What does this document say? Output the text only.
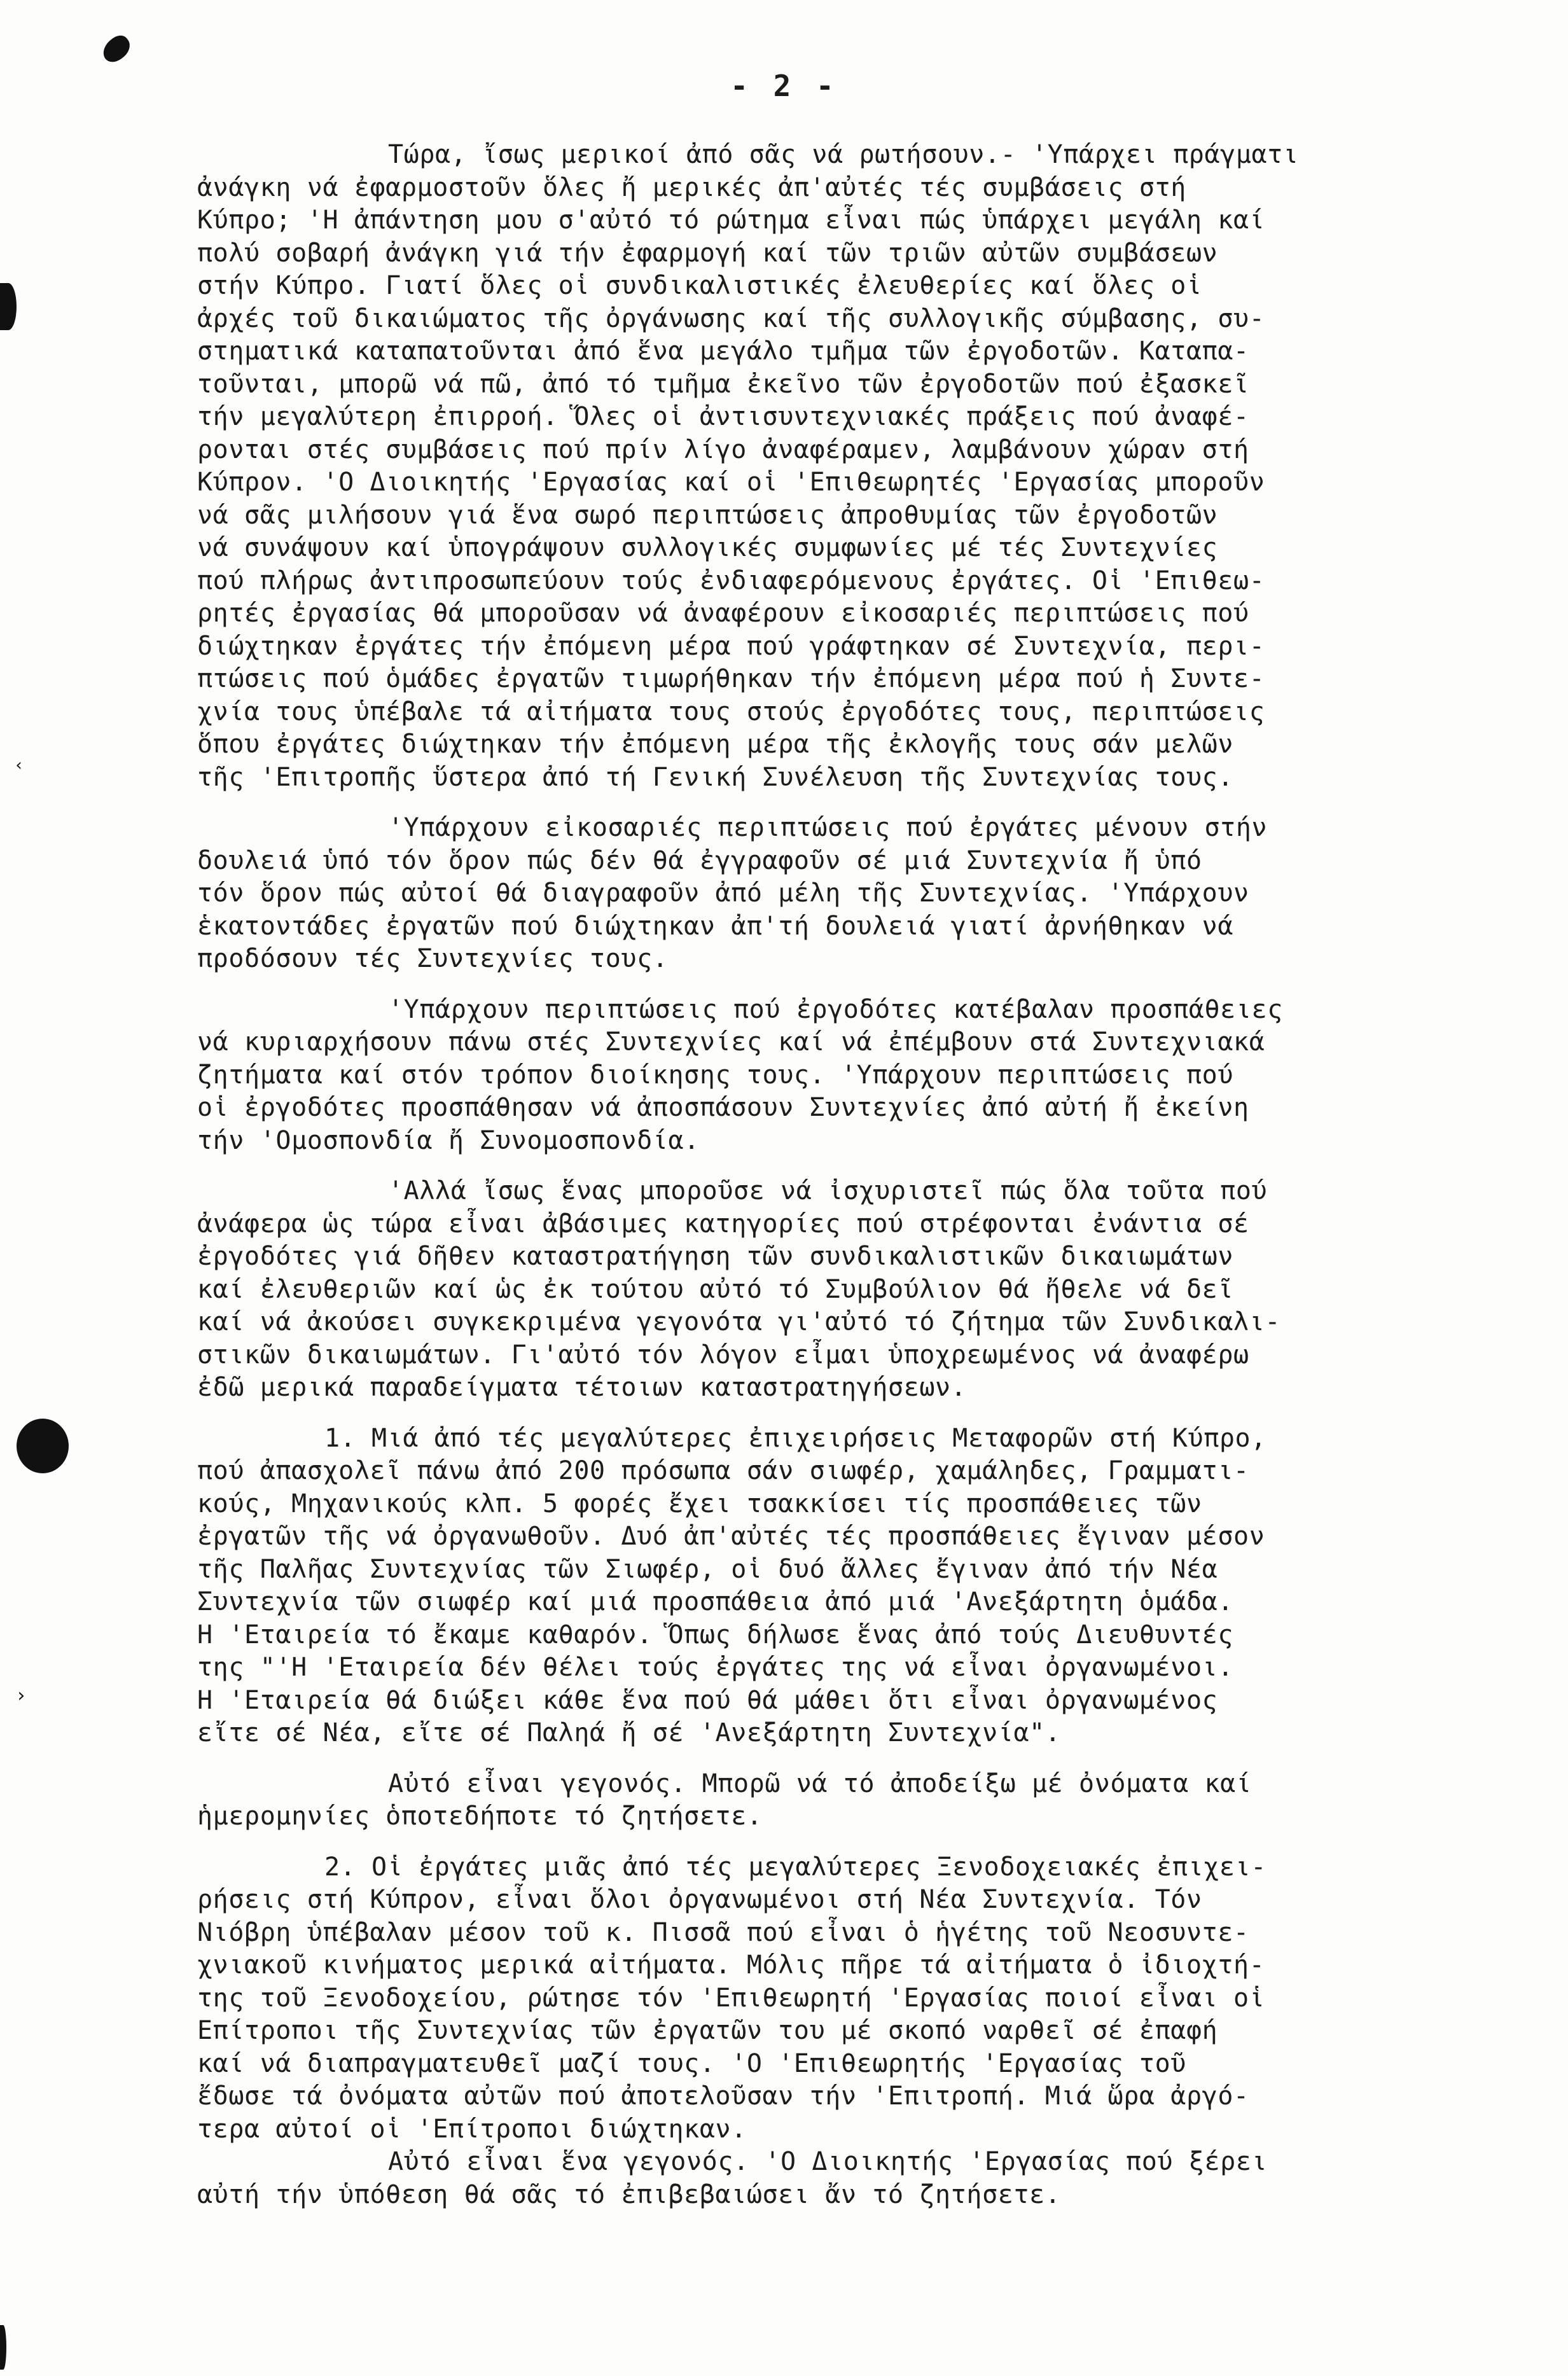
‹
›
- 2 -
Τώρα, ἴσως μερικοί ἀπό σᾶς νά ρωτήσουν.- 'Υπάρχει πράγματι
ἀνάγκη νά ἐφαρμοστοῦν ὅλες ἤ μερικές ἀπ'αὐτές τές συμβάσεις στή
Κύπρο; 'Η ἀπάντηση μου σ'αὐτό τό ρώτημα εἶναι πώς ὑπάρχει μεγάλη καί
πολύ σοβαρή ἀνάγκη γιά τήν ἐφαρμογή καί τῶν τριῶν αὐτῶν συμβάσεων
στήν Κύπρο. Γιατί ὅλες οἱ συνδικαλιστικές ἐλευθερίες καί ὅλες οἱ
ἀρχές τοῦ δικαιώματος τῆς ὀργάνωσης καί τῆς συλλογικῆς σύμβασης, συ-
στηματικά καταπατοῦνται ἀπό ἕνα μεγάλο τμῆμα τῶν ἐργοδοτῶν. Καταπα-
τοῦνται, μπορῶ νά πῶ, ἀπό τό τμῆμα ἐκεῖνο τῶν ἐργοδοτῶν πού ἐξασκεῖ
τήν μεγαλύτερη ἐπιρροή. Ὅλες οἱ ἀντισυντεχνιακές πράξεις πού ἀναφέ-
ρονται στές συμβάσεις πού πρίν λίγο ἀναφέραμεν, λαμβάνουν χώραν στή
Κύπρον. 'Ο Διοικητής 'Εργασίας καί οἱ 'Επιθεωρητές 'Εργασίας μποροῦν
νά σᾶς μιλήσουν γιά ἕνα σωρό περιπτώσεις ἀπροθυμίας τῶν ἐργοδοτῶν
νά συνάψουν καί ὑπογράψουν συλλογικές συμφωνίες μέ τές Συντεχνίες
πού πλήρως ἀντιπροσωπεύουν τούς ἐνδιαφερόμενους ἐργάτες. Οἱ 'Επιθεω-
ρητές ἐργασίας θά μποροῦσαν νά ἀναφέρουν εἰκοσαριές περιπτώσεις πού
διώχτηκαν ἐργάτες τήν ἐπόμενη μέρα πού γράφτηκαν σέ Συντεχνία, περι-
πτώσεις πού ὁμάδες ἐργατῶν τιμωρήθηκαν τήν ἐπόμενη μέρα πού ἡ Συντε-
χνία τους ὑπέβαλε τά αἰτήματα τους στούς ἐργοδότες τους, περιπτώσεις
ὅπου ἐργάτες διώχτηκαν τήν ἐπόμενη μέρα τῆς ἐκλογῆς τους σάν μελῶν
τῆς 'Επιτροπῆς ὕστερα ἀπό τή Γενική Συνέλευση τῆς Συντεχνίας τους.
'Υπάρχουν εἰκοσαριές περιπτώσεις πού ἐργάτες μένουν στήν
δουλειά ὑπό τόν ὅρον πώς δέν θά ἐγγραφοῦν σέ μιά Συντεχνία ἤ ὑπό
τόν ὅρον πώς αὐτοί θά διαγραφοῦν ἀπό μέλη τῆς Συντεχνίας. 'Υπάρχουν
ἑκατοντάδες ἐργατῶν πού διώχτηκαν ἀπ'τή δουλειά γιατί ἀρνήθηκαν νά
προδόσουν τές Συντεχνίες τους.
'Υπάρχουν περιπτώσεις πού ἐργοδότες κατέβαλαν προσπάθειες
νά κυριαρχήσουν πάνω στές Συντεχνίες καί νά ἐπέμβουν στά Συντεχνιακά
ζητήματα καί στόν τρόπον διοίκησης τους. 'Υπάρχουν περιπτώσεις πού
οἱ ἐργοδότες προσπάθησαν νά ἀποσπάσουν Συντεχνίες ἀπό αὐτή ἤ ἐκείνη
τήν 'Ομοσπονδία ἤ Συνομοσπονδία.
'Αλλά ἴσως ἕνας μποροῦσε νά ἰσχυριστεῖ πώς ὅλα τοῦτα πού
ἀνάφερα ὡς τώρα εἶναι ἀβάσιμες κατηγορίες πού στρέφονται ἐνάντια σέ
ἐργοδότες γιά δῆθεν καταστρατήγηση τῶν συνδικαλιστικῶν δικαιωμάτων
καί ἐλευθεριῶν καί ὡς ἐκ τούτου αὐτό τό Συμβούλιον θά ἤθελε νά δεῖ
καί νά ἀκούσει συγκεκριμένα γεγονότα γι'αὐτό τό ζήτημα τῶν Συνδικαλι-
στικῶν δικαιωμάτων. Γι'αὐτό τόν λόγον εἶμαι ὑποχρεωμένος νά ἀναφέρω
ἐδῶ μερικά παραδείγματα τέτοιων καταστρατηγήσεων.
1. Μιά ἀπό τές μεγαλύτερες ἐπιχειρήσεις Μεταφορῶν στή Κύπρο,
πού ἀπασχολεῖ πάνω ἀπό 200 πρόσωπα σάν σιωφέρ, χαμάληδες, Γραμματι-
κούς, Μηχανικούς κλπ. 5 φορές ἔχει τσακκίσει τίς προσπάθειες τῶν
ἐργατῶν τῆς νά ὀργανωθοῦν. Δυό ἀπ'αὐτές τές προσπάθειες ἔγιναν μέσον
τῆς Παλῆας Συντεχνίας τῶν Σιωφέρ, οἱ δυό ἄλλες ἔγιναν ἀπό τήν Νέα
Συντεχνία τῶν σιωφέρ καί μιά προσπάθεια ἀπό μιά 'Ανεξάρτητη ὁμάδα.
Η 'Εταιρεία τό ἔκαμε καθαρόν. Ὅπως δήλωσε ἕνας ἀπό τούς Διευθυντές
της "'Η 'Εταιρεία δέν θέλει τούς ἐργάτες της νά εἶναι ὀργανωμένοι.
Η 'Εταιρεία θά διώξει κάθε ἕνα πού θά μάθει ὅτι εἶναι ὀργανωμένος
εἴτε σέ Νέα, εἴτε σέ Παληά ἤ σέ 'Ανεξάρτητη Συντεχνία".
Αὐτό εἶναι γεγονός. Μπορῶ νά τό ἀποδείξω μέ ὀνόματα καί
ἡμερομηνίες ὁποτεδήποτε τό ζητήσετε.
2. Οἱ ἐργάτες μιᾶς ἀπό τές μεγαλύτερες Ξενοδοχειακές ἐπιχει-
ρήσεις στή Κύπρον, εἶναι ὅλοι ὀργανωμένοι στή Νέα Συντεχνία. Τόν
Νιόβρη ὑπέβαλαν μέσον τοῦ κ. Πισσᾶ πού εἶναι ὁ ἡγέτης τοῦ Νεοσυντε-
χνιακοῦ κινήματος μερικά αἰτήματα. Μόλις πῆρε τά αἰτήματα ὁ ἰδιοχτή-
της τοῦ Ξενοδοχείου, ρώτησε τόν 'Επιθεωρητή 'Εργασίας ποιοί εἶναι οἱ
Επίτροποι τῆς Συντεχνίας τῶν ἐργατῶν του μέ σκοπό ναρθεῖ σέ ἐπαφή
καί νά διαπραγματευθεῖ μαζί τους. 'Ο 'Επιθεωρητής 'Εργασίας τοῦ
ἔδωσε τά ὀνόματα αὐτῶν πού ἀποτελοῦσαν τήν 'Επιτροπή. Μιά ὥρα ἀργό-
τερα αὐτοί οἱ 'Επίτροποι διώχτηκαν.
Αὐτό εἶναι ἕνα γεγονός. 'Ο Διοικητής 'Εργασίας πού ξέρει
αὐτή τήν ὑπόθεση θά σᾶς τό ἐπιβεβαιώσει ἄν τό ζητήσετε.
